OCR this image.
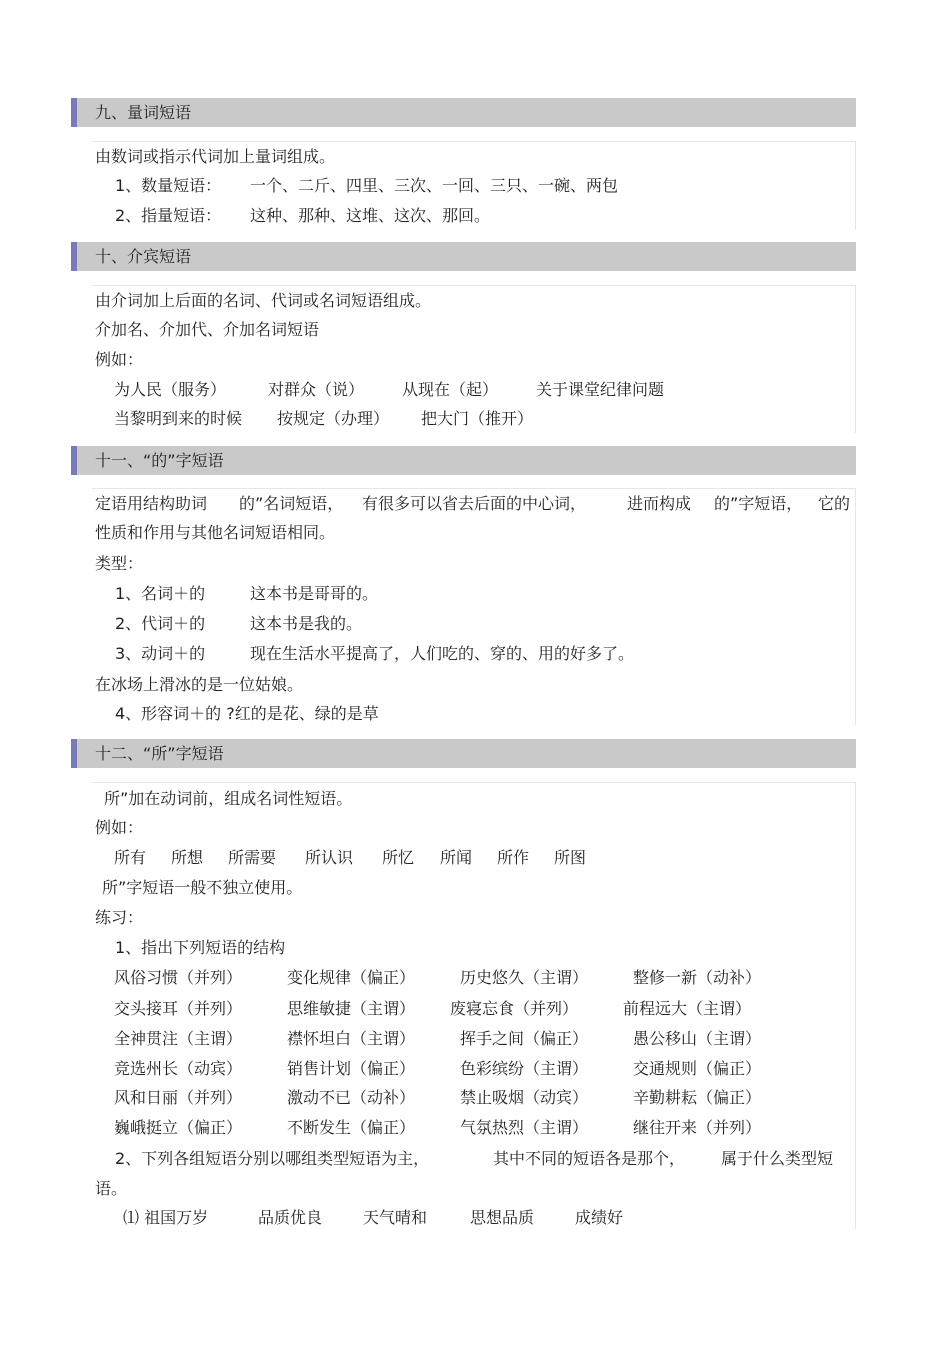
九、量词短语
由数词或指示代词加上量词组成。
1、数量短语： 一个、二斤、四里、三次、一回、三只、一碗、两包
2、指量短语： 这种、那种、这堆、这次、那回。
十、介宾短语
由介词加上后面的名词、代词或名词短语组成。
介加名、介加代、介加名词短语
例如：
为人民（服务）	对群众（说） 从现在（起） 关于课堂纪律问题
当黎明到来的时候 按规定（办理） 把大门（推开）
十一、“的”字短语
定语用结构助词 的”名词短语， 有很多可以省去后面的中心词，	进而构成 的”字短语， 它的
性质和作用与其他名词短语相同。
类型：
1、名词＋的	这本书是哥哥的。
2、代词＋的	这本书是我的。
3、动词＋的	现在生活水平提高了，人们吃的、穿的、用的好多了。
在冰场上滑冰的是一位姑娘。
4、形容词＋的 ?红的是花、绿的是草
十二、“所”字短语
所”加在动词前，组成名词性短语。
例如：
所有 所想 所需要 所认识 所忆 所闻 所作 所图
所”字短语一般不独立使用。
练习：
1、指出下列短语的结构
风俗习惯（并列）	变化规律（偏正）	历史悠久（主谓）	整修一新（动补）
交头接耳（并列）	思维敏捷（主谓） 废寝忘食（并列）	前程远大（主谓）
全神贯注（主谓）	襟怀坦白（主谓）	挥手之间（偏正）	愚公移山（主谓）
竞选州长（动宾）	销售计划（偏正）	色彩缤纷（主谓）	交通规则（偏正）
风和日丽（并列）	激动不已（动补）	禁止吸烟（动宾）	辛勤耕耘（偏正）
巍峨挺立（偏正）	不断发生（偏正）	气氛热烈（主谓）	继往开来（并列）
2、下列各组短语分别以哪组类型短语为主，	其中不同的短语各是那个， 属于什么类型短
语。
⑴ 祖国万岁	品质优良	天气晴和	思想品质	成绩好
